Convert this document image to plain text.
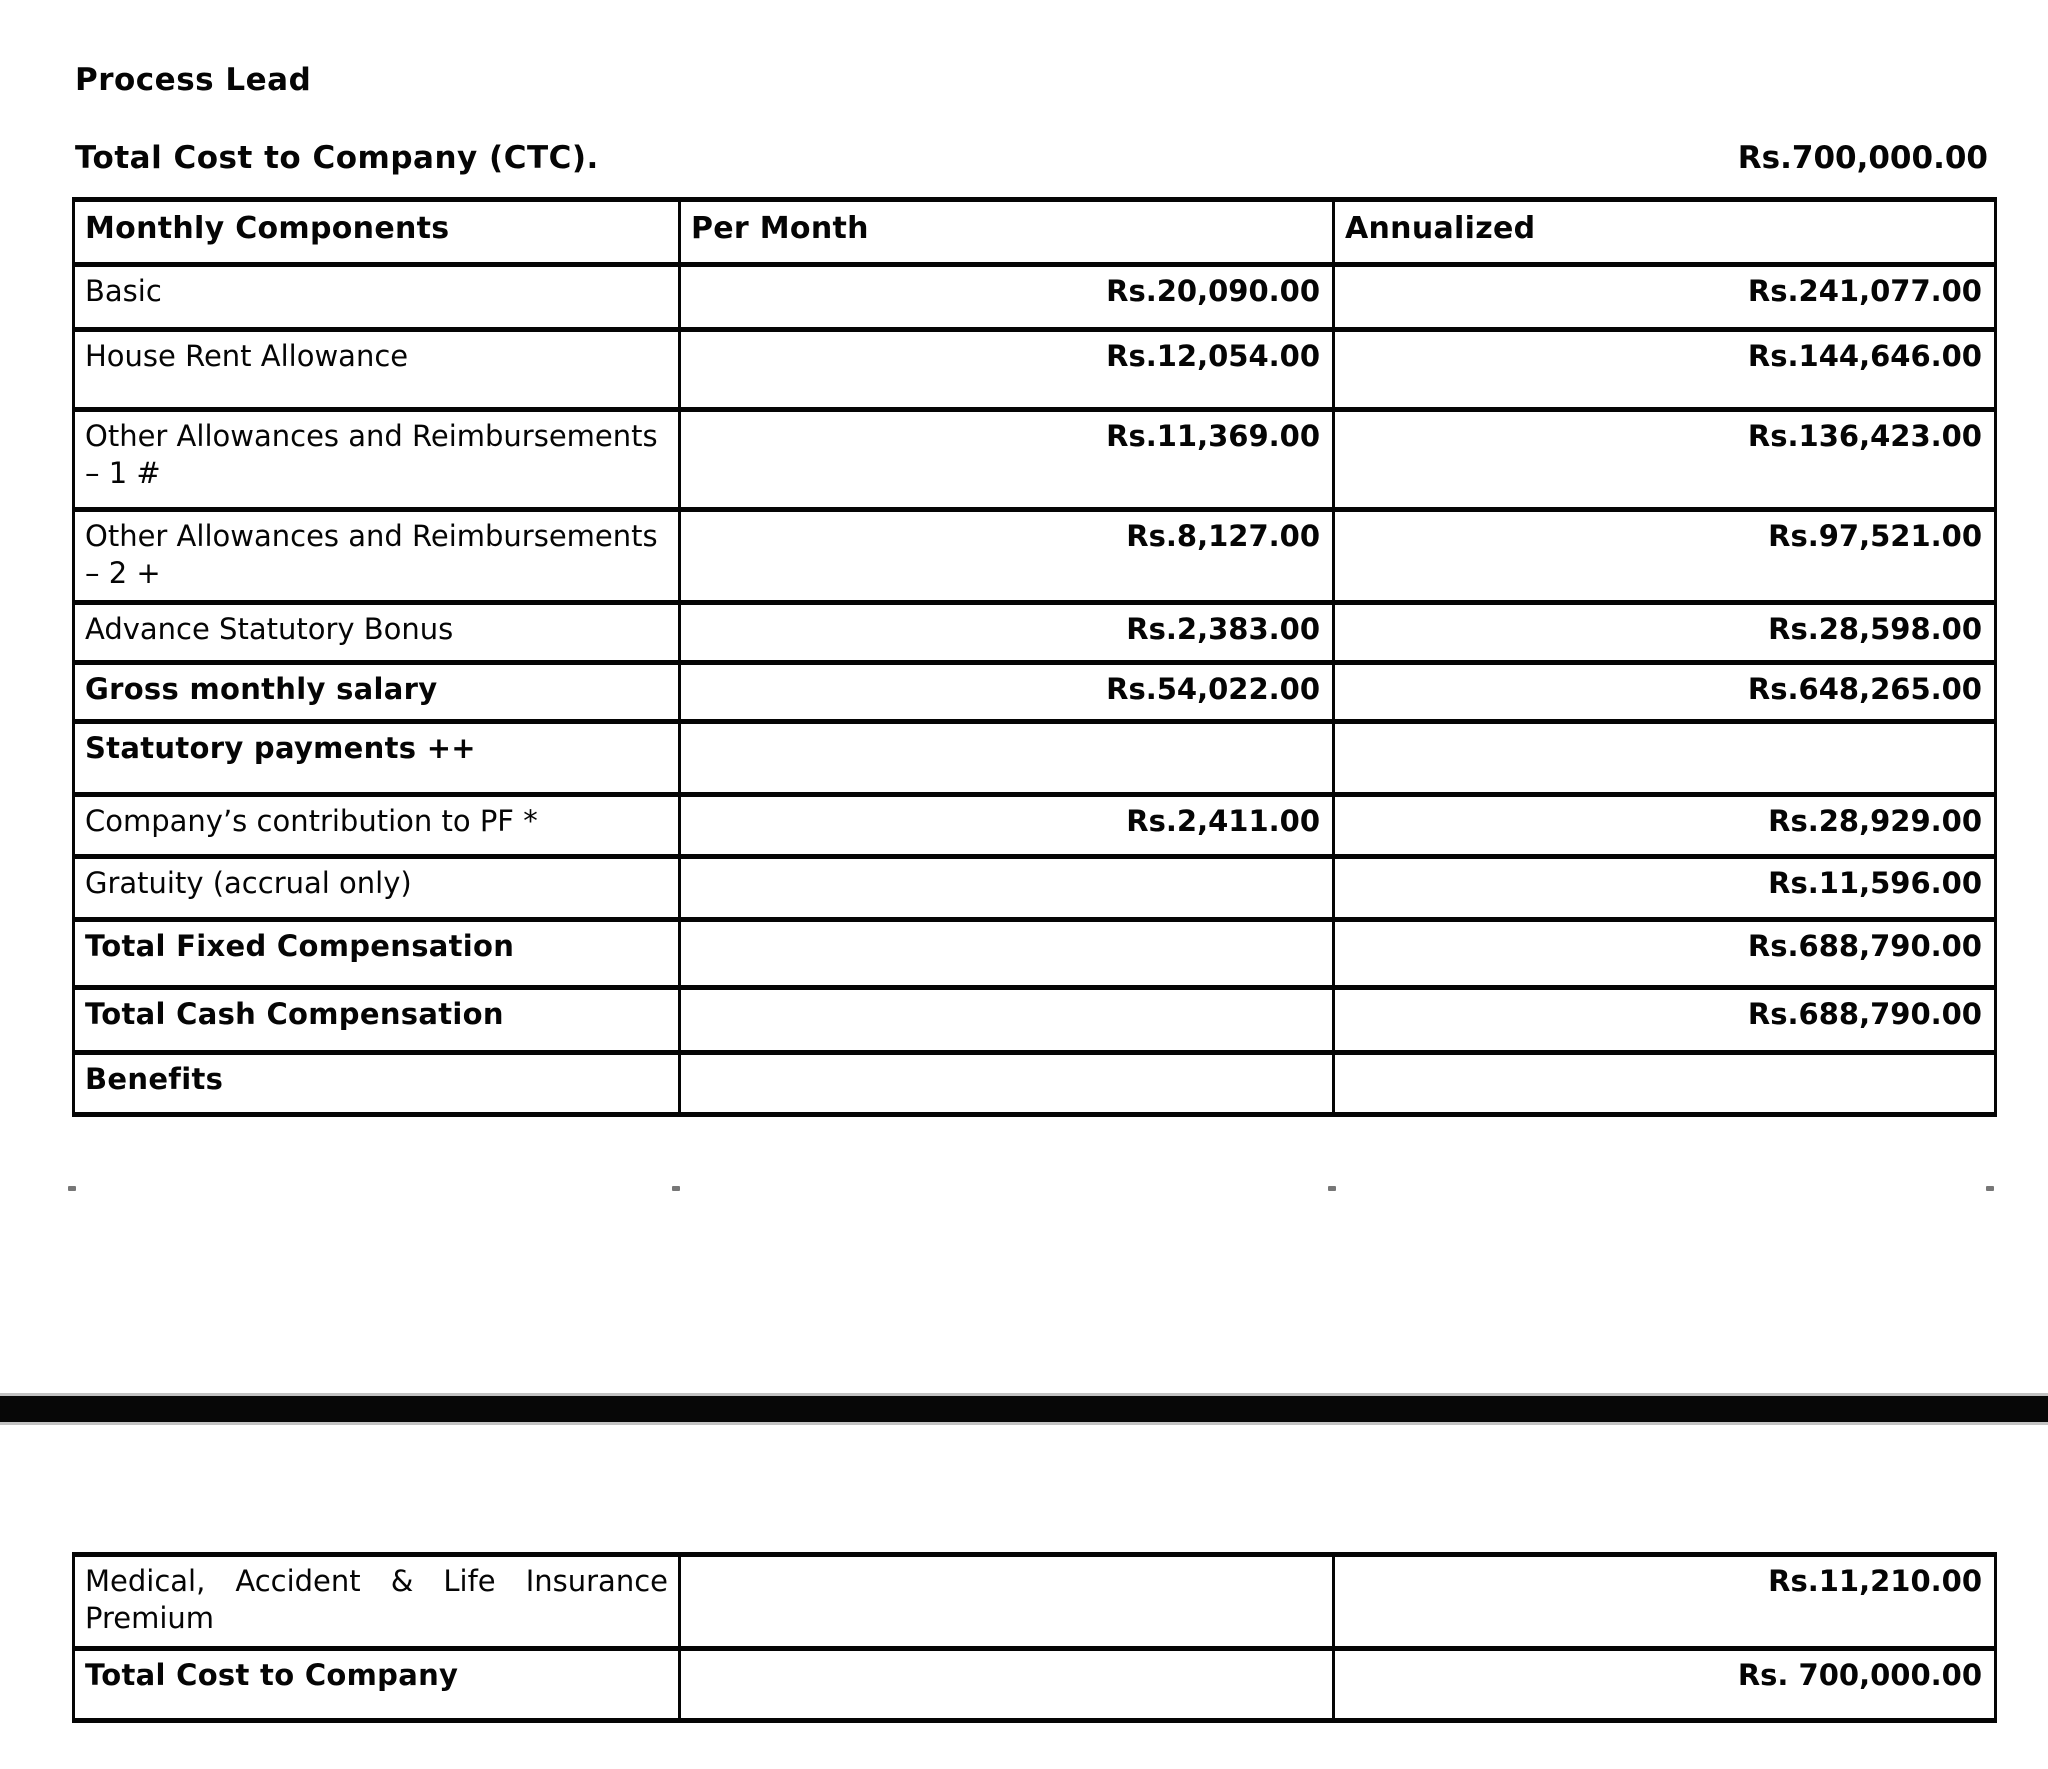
Process Lead
Total Cost to Company (CTC).	Rs.700,000.00
Monthly Components	Per Month	Annualized
Basic	Rs.20,090.00	Rs.241,077.00
House Rent Allowance	Rs.12,054.00	Rs.144,646.00
Other Allowances and Reimbursements – 1 #	Rs.11,369.00	Rs.136,423.00
Other Allowances and Reimbursements – 2 +	Rs.8,127.00	Rs.97,521.00
Advance Statutory Bonus	Rs.2,383.00	Rs.28,598.00
Gross monthly salary	Rs.54,022.00	Rs.648,265.00
Statutory payments ++		
Company’s contribution to PF *	Rs.2,411.00	Rs.28,929.00
Gratuity (accrual only)		Rs.11,596.00
Total Fixed Compensation		Rs.688,790.00
Total Cash Compensation		Rs.688,790.00
Benefits		
Medical, Accident & Life Insurance Premium		Rs.11,210.00
Total Cost to Company		Rs. 700,000.00
